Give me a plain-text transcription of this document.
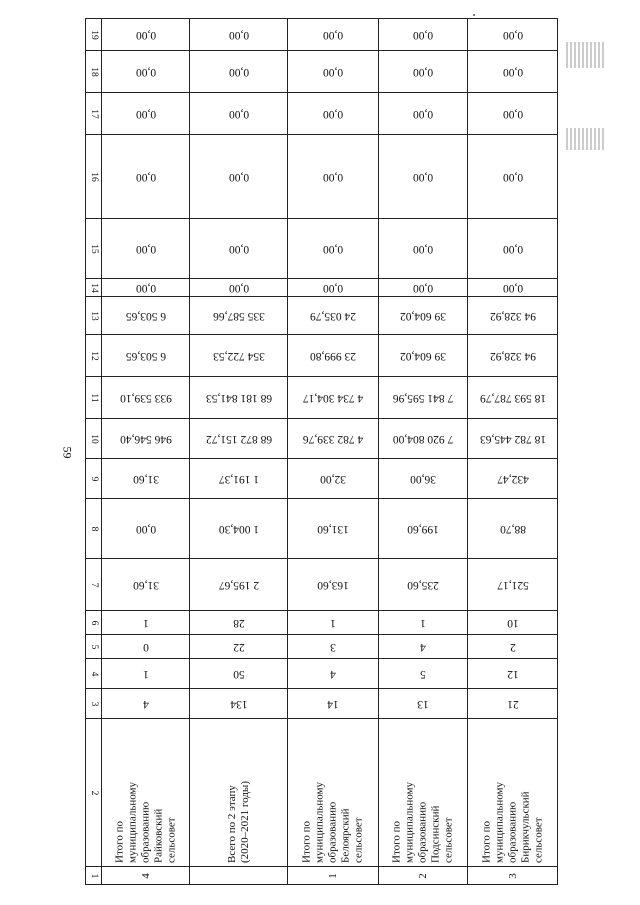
59
19	0,00	0,00	0,00	0,00	0,00

18	0,00	0,00	0,00	0,00	0,00

17	0,00	0,00	0,00	0,00	0,00

16	0,00	0,00	0,00	0,00	0,00

15	0,00	0,00	0,00	0,00	0,00

14	0,00	0,00	0,00	0,00	0,00

13	6 503,65	335 587,66	24 035,79	39 604,02	94 328,92

12	6 503,65	354 722,53	23 999,80	39 604,02	94 328,92

11	933 539,10	68 181 841,53	4 734 304,17	7 841 595,96	18 593 787,79

10	946 546,40	68 872 151,72	4 782 339,76	7 920 804,00	18 782 445,63

9	31,60	1 191,37	32,00	36,00	432,47

8	0,00	1 004,30	131,60	199,60	88,70

7	31,60	2 195,67	163,60	235,60	521,17

6	1	28	1	1	10

5	0	22	3	4	2

4	1	50	4	5	12

3	4	134	14	13	21

2	Итого по
муниципальному
образованию
Райковский
сельсовет	Всего по 2 этапу
(2020–2021 годы)	Итого по
муниципальному
образованию
Белоярский
сельсовет	Итого по
муниципальному
образованию
Подсинский
сельсовет	Итого по
муниципальному
образованию
Бирикчульский
сельсовет

1	4		1	2	3
